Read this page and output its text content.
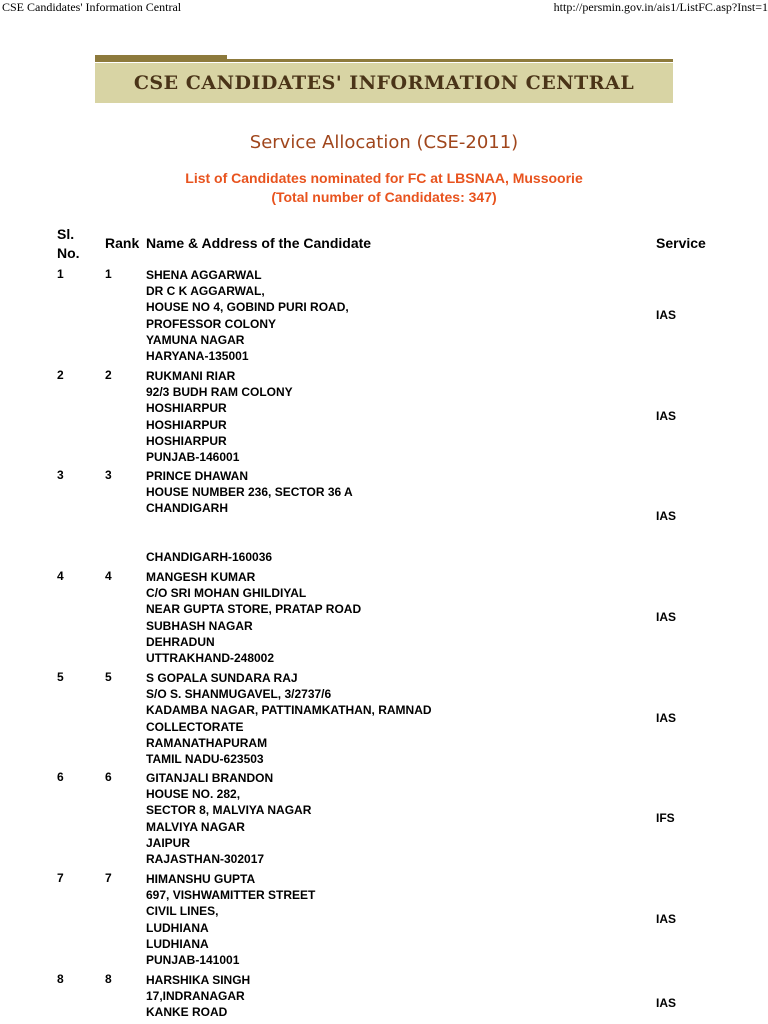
CSE Candidates' Information Central	http://persmin.gov.in/ais1/ListFC.asp?Inst=1
CSE CANDIDATES' INFORMATION CENTRAL
Service Allocation (CSE-2011)
List of Candidates nominated for FC at LBSNAA, Mussoorie
(Total number of Candidates: 347)
Sl.
No.
Rank Name & Address of the Candidate	Service
1	1	SHENA AGGARWAL
DR C K AGGARWAL,
HOUSE NO 4, GOBIND PURI ROAD,
PROFESSOR COLONY
YAMUNA NAGAR
HARYANA-135001
IAS
2	2	RUKMANI RIAR
92/3 BUDH RAM COLONY
HOSHIARPUR
HOSHIARPUR
HOSHIARPUR
PUNJAB-146001
IAS
3	3	PRINCE DHAWAN
HOUSE NUMBER 236, SECTOR 36 A
CHANDIGARH
CHANDIGARH-160036
IAS
4	4	MANGESH KUMAR
C/O SRI MOHAN GHILDIYAL
NEAR GUPTA STORE, PRATAP ROAD
SUBHASH NAGAR
DEHRADUN
UTTRAKHAND-248002
IAS
5	5	S GOPALA SUNDARA RAJ
S/O S. SHANMUGAVEL, 3/2737/6
KADAMBA NAGAR, PATTINAMKATHAN, RAMNAD
COLLECTORATE
RAMANATHAPURAM
TAMIL NADU-623503
IAS
6	6	GITANJALI BRANDON
HOUSE NO. 282,
SECTOR 8, MALVIYA NAGAR
MALVIYA NAGAR
JAIPUR
RAJASTHAN-302017
IFS
7	7	HIMANSHU GUPTA
697, VISHWAMITTER STREET
CIVIL LINES,
LUDHIANA
LUDHIANA
PUNJAB-141001
IAS
8	8	HARSHIKA SINGH
17,INDRANAGAR
KANKE ROAD
IAS
